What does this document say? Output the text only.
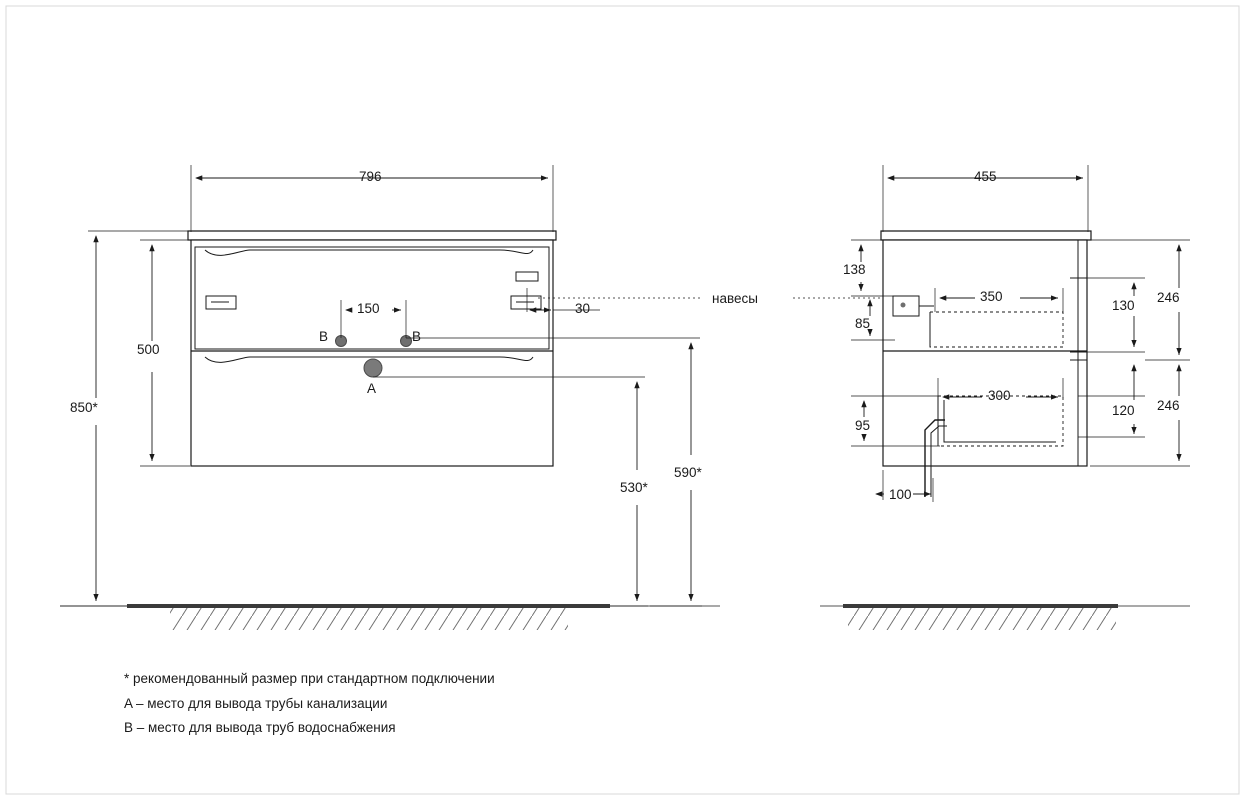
796
500
850*
150	30
530*
590*
B	B
A
навесы
455
138
85
95
350
300
130
120
246
246
100
* рекомендованный размер при стандартном подключении
A – место для вывода трубы канализации
B – место для вывода труб водоснабжения
